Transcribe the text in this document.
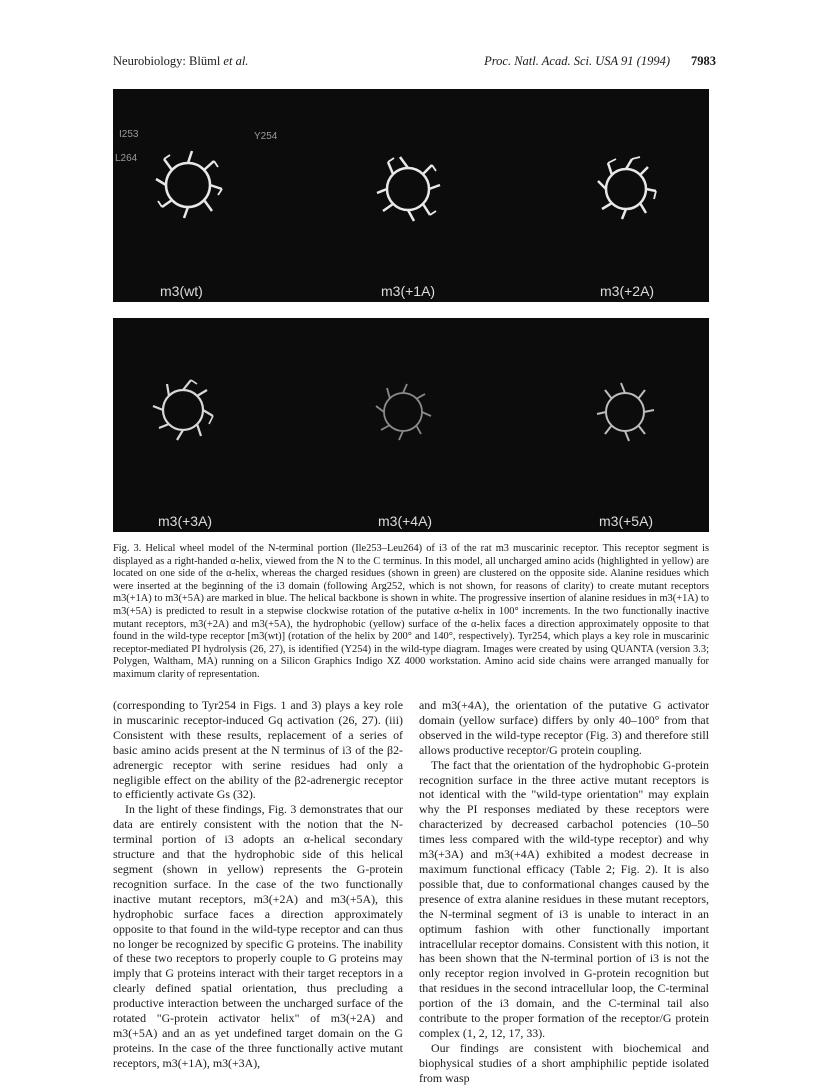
Neurobiology: Blüml et al.	Proc. Natl. Acad. Sci. USA 91 (1994) 7983
I253	Y254
L264
m3(wt)	m3(+1A)	m3(+2A)
m3(+3A)	m3(+4A)	m3(+5A)
Fig. 3. Helical wheel model of the N-terminal portion (Ile253–Leu264) of i3 of the rat m3 muscarinic receptor. This receptor segment is displayed as a right-handed α-helix, viewed from the N to the C terminus. In this model, all uncharged amino acids (highlighted in yellow) are located on one side of the α-helix, whereas the charged residues (shown in green) are clustered on the opposite side. Alanine residues which were inserted at the beginning of the i3 domain (following Arg252, which is not shown, for reasons of clarity) to create mutant receptors m3(+1A) to m3(+5A) are marked in blue. The helical backbone is shown in white. The progressive insertion of alanine residues in m3(+1A) to m3(+5A) is predicted to result in a stepwise clockwise rotation of the putative α-helix in 100° increments. In the two functionally inactive mutant receptors, m3(+2A) and m3(+5A), the hydrophobic (yellow) surface of the α-helix faces a direction approximately opposite to that found in the wild-type receptor [m3(wt)] (rotation of the helix by 200° and 140°, respectively). Tyr254, which plays a key role in muscarinic receptor-mediated PI hydrolysis (26, 27), is identified (Y254) in the wild-type diagram. Images were created by using QUANTA (version 3.3; Polygen, Waltham, MA) running on a Silicon Graphics Indigo XZ 4000 workstation. Amino acid side chains were arranged manually for maximum clarity of representation.

(corresponding to Tyr254 in Figs. 1 and 3) plays a key role in muscarinic receptor-induced Gq activation (26, 27). (iii) Consistent with these results, replacement of a series of basic amino acids present at the N terminus of i3 of the β2-adrenergic receptor with serine residues had only a negligible effect on the ability of the β2-adrenergic receptor to efficiently activate Gs (32).

In the light of these findings, Fig. 3 demonstrates that our data are entirely consistent with the notion that the N-terminal portion of i3 adopts an α-helical secondary structure and that the hydrophobic side of this helical segment (shown in yellow) represents the G-protein recognition surface. In the case of the two functionally inactive mutant receptors, m3(+2A) and m3(+5A), this hydrophobic surface faces a direction approximately opposite to that found in the wild-type receptor and can thus no longer be recognized by specific G proteins. The inability of these two receptors to properly couple to G proteins may imply that G proteins interact with their target receptors in a clearly defined spatial orientation, thus precluding a productive interaction between the uncharged surface of the rotated "G-protein activator helix" of m3(+2A) and m3(+5A) and an as yet undefined target domain on the G proteins. In the case of the three functionally active mutant receptors, m3(+1A), m3(+3A),

and m3(+4A), the orientation of the putative G activator domain (yellow surface) differs by only 40–100° from that observed in the wild-type receptor (Fig. 3) and therefore still allows productive receptor/G protein coupling.

The fact that the orientation of the hydrophobic G-protein recognition surface in the three active mutant receptors is not identical with the "wild-type orientation" may explain why the PI responses mediated by these receptors were characterized by decreased carbachol potencies (10–50 times less compared with the wild-type receptor) and why m3(+3A) and m3(+4A) exhibited a modest decrease in maximum functional efficacy (Table 2; Fig. 2). It is also possible that, due to conformational changes caused by the presence of extra alanine residues in these mutant receptors, the N-terminal segment of i3 is unable to interact in an optimum fashion with other functionally important intracellular receptor domains. Consistent with this notion, it has been shown that the N-terminal portion of i3 is not the only receptor region involved in G-protein recognition but that residues in the second intracellular loop, the C-terminal portion of the i3 domain, and the C-terminal tail also contribute to the proper formation of the receptor/G protein complex (1, 2, 12, 17, 33).

Our findings are consistent with biochemical and biophysical studies of a short amphiphilic peptide isolated from wasp
